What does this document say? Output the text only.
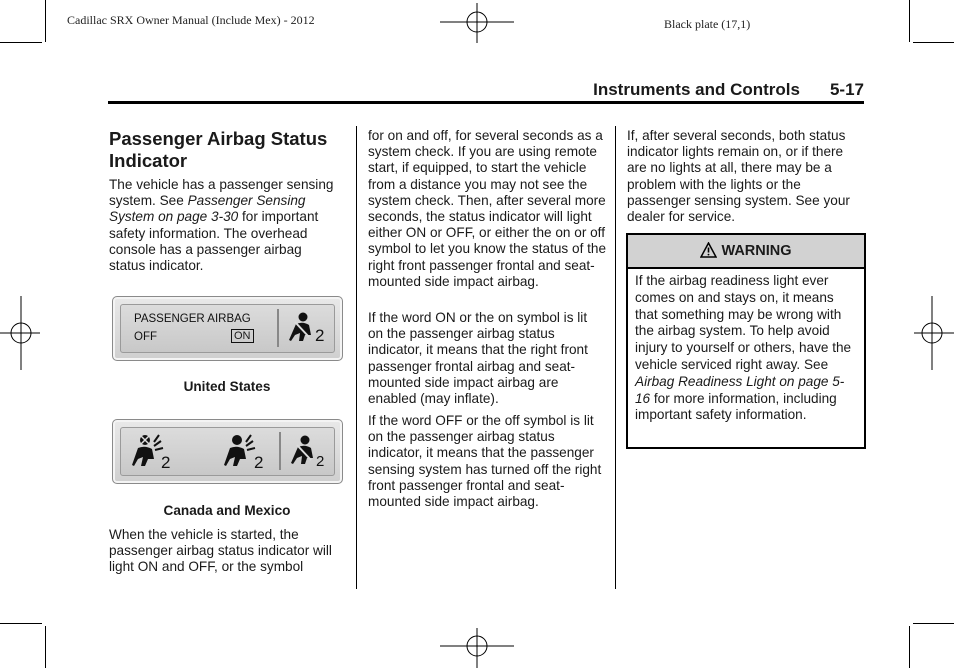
Cadillac SRX Owner Manual (Include Mex) - 2012	Black plate (17,1)
Instruments and Controls 5-17
Passenger Airbag Status
Indicator

The vehicle has a passenger sensing system. See Passenger Sensing System on page 3-30 for important safety information. The overhead console has a passenger airbag status indicator.

PASSENGER AIRBAG
OFF	ON	2
United States
2	2	2
Canada and Mexico

When the vehicle is started, the passenger airbag status indicator will light ON and OFF, or the symbol

for on and off, for several seconds as a system check. If you are using remote start, if equipped, to start the vehicle from a distance you may not see the system check. Then, after several more seconds, the status indicator will light either ON or OFF, or either the on or off symbol to let you know the status of the right front passenger frontal and seat-mounted side impact airbag.

If the word ON or the on symbol is lit on the passenger airbag status indicator, it means that the right front passenger frontal airbag and seat-mounted side impact airbag are enabled (may inflate).

If the word OFF or the off symbol is lit on the passenger airbag status indicator, it means that the passenger sensing system has turned off the right front passenger frontal and seat-mounted side impact airbag.

If, after several seconds, both status indicator lights remain on, or if there are no lights at all, there may be a problem with the lights or the passenger sensing system. See your dealer for service.

WARNING

If the airbag readiness light ever comes on and stays on, it means that something may be wrong with the airbag system. To help avoid injury to yourself or others, have the vehicle serviced right away. See Airbag Readiness Light on page 5-16 for more information, including important safety information.
